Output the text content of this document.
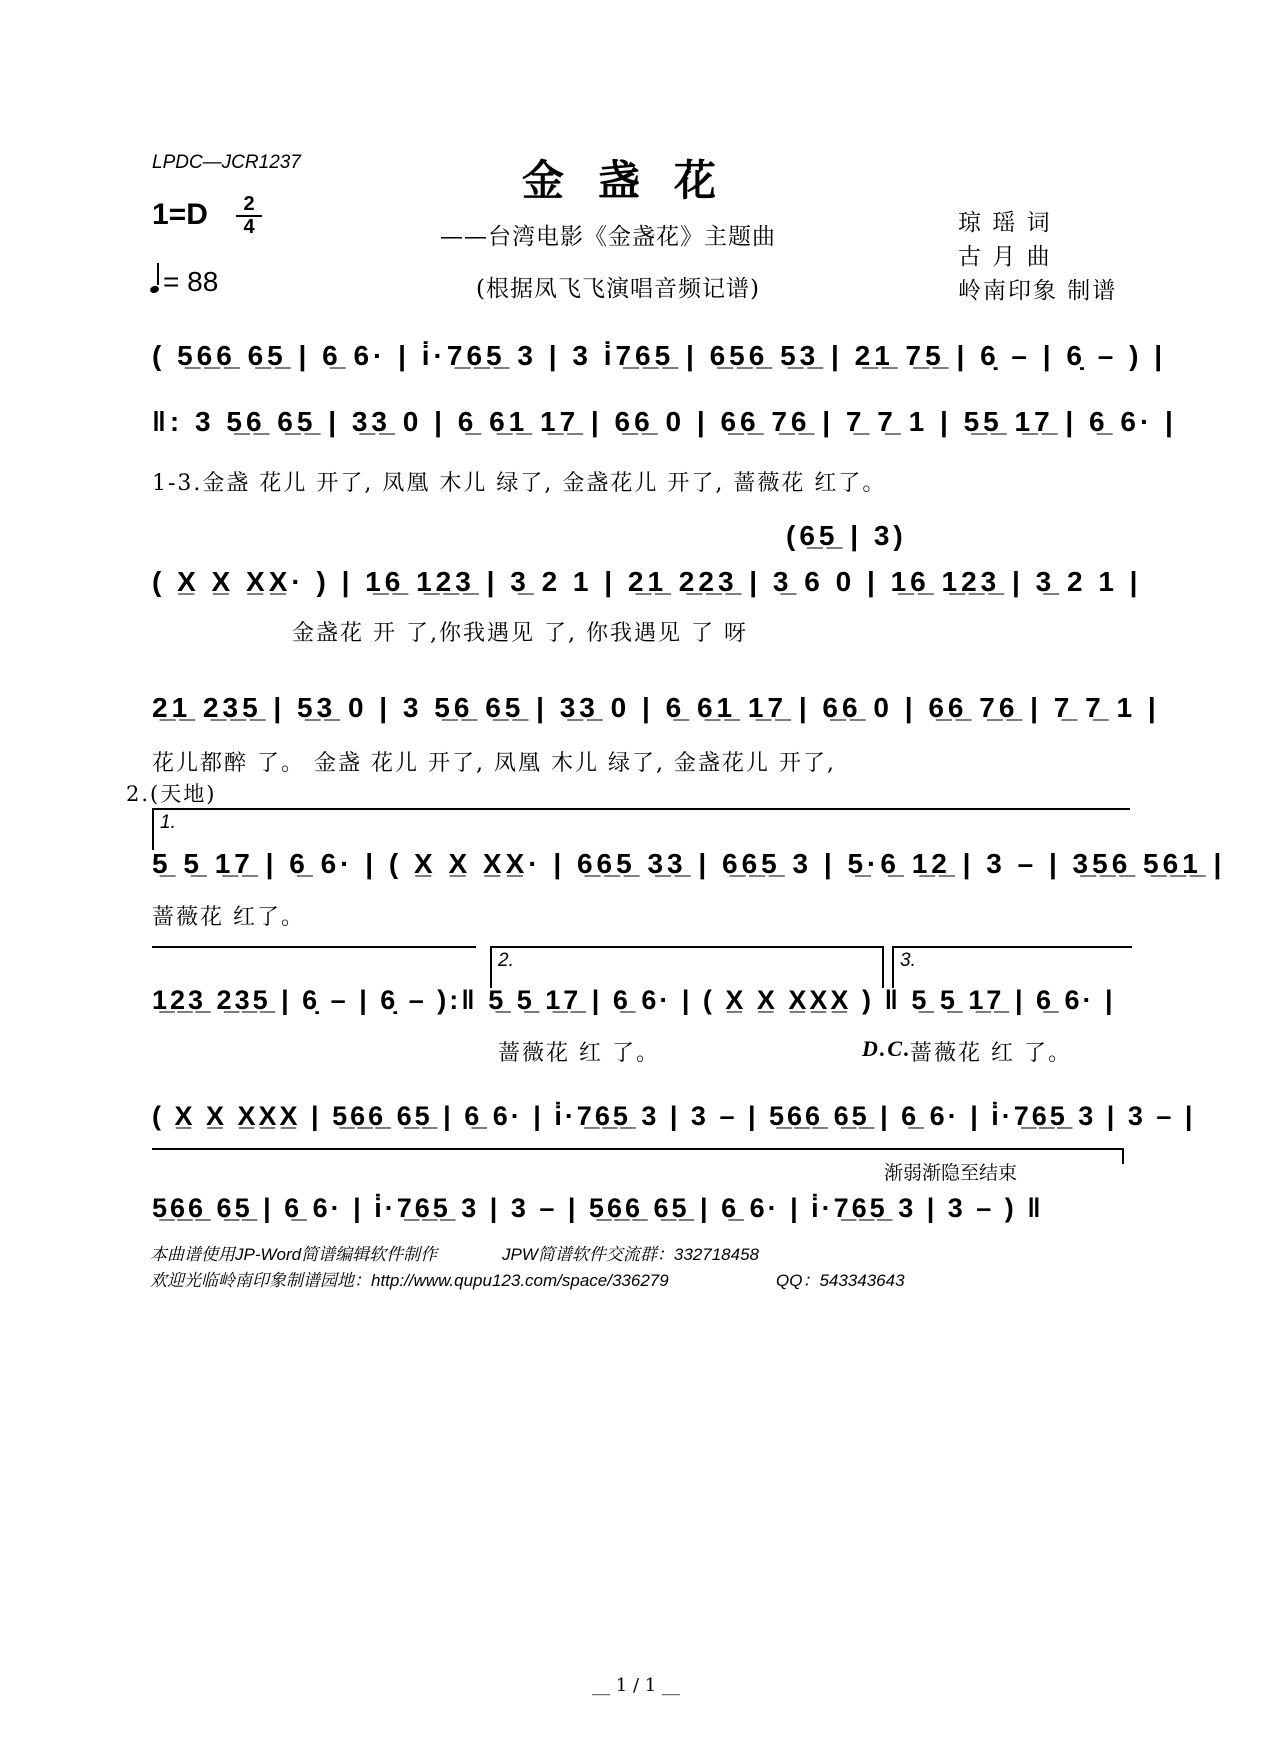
LPDC—JCR1237	金盏花
1=D	2
4
= 88
——台湾电影《金盏花》主题曲
(根据凤飞飞演唱音频记谱)
琼 瑶 词
古 月 曲
岭南印象 制谱
( 5̲6̲6̲ 6̲5̲ | 6̲ 6· | i̇·7̲6̲5̲ 3 | 3 i̇7̲6̲5̲ | 6̲5̲6̲ 5̲3̲ | 2̲1̲ 7̲5̲ | 6̣ – | 6̣ – ) |
‖: 3 5̲6̲ 6̲5̲ | 3̲3̲ 0 | 6̲ 6̲1̲ 1̲7̲ | 6̲6̲ 0 | 6̲6̲ 7̲6̲ | 7̲ 7̲ 1 | 5̲5̲ 1̲7̲ | 6̲ 6· |
1-3.金盏 花儿 开了, 凤凰 木儿 绿了, 金盏花儿 开了, 蔷薇花 红了。
(6̲5̲ | 3)
( X̲ X̲ X̲X̲· ) | 1̲6̲ 1̲2̲3̲ | 3̲ 2 1 | 2̲1̲ 2̲2̲3̲ | 3̲ 6 0 | 1̲6̲ 1̲2̲3̲ | 3̲ 2 1 |
金盏花 开 了,你我遇见 了, 你我遇见 了 呀
2̲1̲ 2̲3̲5̲ | 5̲3̲ 0 | 3 5̲6̲ 6̲5̲ | 3̲3̲ 0 | 6̲ 6̲1̲ 1̲7̲ | 6̲6̲ 0 | 6̲6̲ 7̲6̲ | 7̲ 7̲ 1 |
花儿都醉 了。 金盏 花儿 开了, 凤凰 木儿 绿了, 金盏花儿 开了,
2.(天地)
1.
5̲ 5̲ 1̲7̲ | 6̲ 6· | ( X̲ X̲ X̲X̲· | 6̲6̲5̲ 3̲3̲ | 6̲6̲5̲ 3 | 5̲·6̲ 1̲2̲ | 3 – | 3̲5̲6̲ 5̲6̲1̲ |
蔷薇花 红了。
2.	3.
1̲2̲3̲ 2̲3̲5̲ | 6̣ – | 6̣ – ):‖ 5̲ 5̲ 1̲7̲ | 6̲ 6· | ( X̲ X̲ X̲X̲X̲ ) ‖ 5̲ 5̲ 1̲7̲ | 6̲ 6· |
蔷薇花 红 了。	D.C.
蔷薇花 红 了。
( X̲ X̲ X̲X̲X̲ | 5̲6̲6̲ 6̲5̲ | 6̲ 6· | i̇·7̲6̲5̲ 3 | 3 – | 5̲6̲6̲ 6̲5̲ | 6̲ 6· | i̇·7̲6̲5̲ 3 | 3 – |
渐弱渐隐至结束
5̲6̲6̲ 6̲5̲ | 6̲ 6· | i̇·7̲6̲5̲ 3 | 3 – | 5̲6̲6̲ 6̲5̲ | 6̲ 6· | i̇·7̲6̲5̲ 3 | 3 – ) ‖
本曲谱使用JP-Word简谱编辑软件制作	JPW简谱软件交流群：332718458
欢迎光临岭南印象制谱园地：http://www.qupu123.com/space/336279	QQ：543343643
__ 1 / 1 __
